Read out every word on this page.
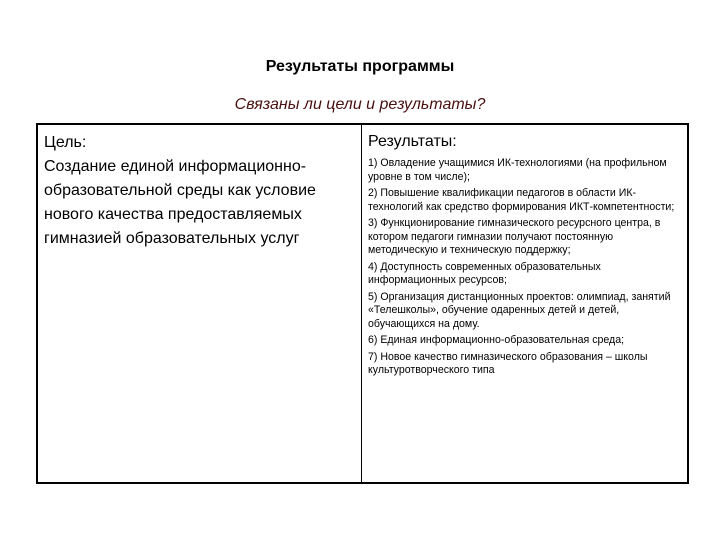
Результаты программы
Связаны ли цели и результаты?
Цель:
Создание единой информационно-образовательной среды как условие нового качества предоставляемых гимназией образовательных услуг
Результаты:
1) Овладение учащимися ИК-технологиями (на профильном уровне в том числе);
2) Повышение квалификации педагогов в области ИК-технологий как средство формирования ИКТ-компетентности;
3) Функционирование гимназического ресурсного центра, в котором педагоги гимназии получают постоянную методическую и техническую поддержку;
4) Доступность современных образовательных информационных ресурсов;
5) Организация дистанционных проектов: олимпиад, занятий «Телешколы», обучение одаренных детей и детей, обучающихся на дому.
6) Единая информационно-образовательная среда;
7) Новое качество гимназического образования – школы культуротворческого типа
